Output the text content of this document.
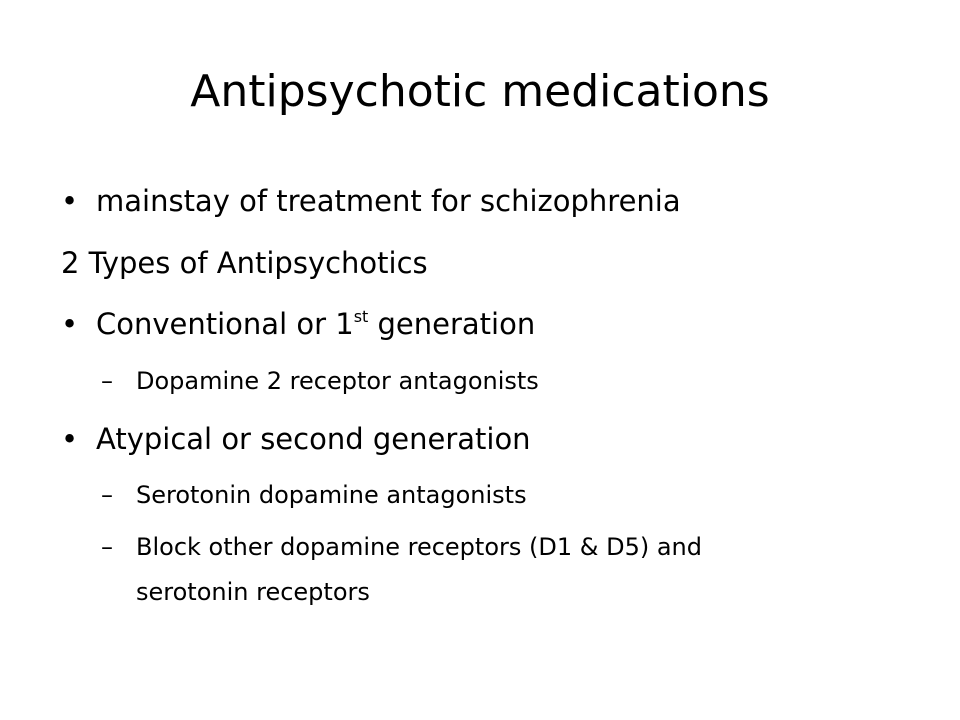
Antipsychotic medications
• mainstay of treatment for schizophrenia
2 Types of Antipsychotics
• Conventional or 1st generation
– Dopamine 2 receptor antagonists
• Atypical or second generation
– Serotonin dopamine antagonists
– Block other dopamine receptors (D1 & D5) and
serotonin receptors
